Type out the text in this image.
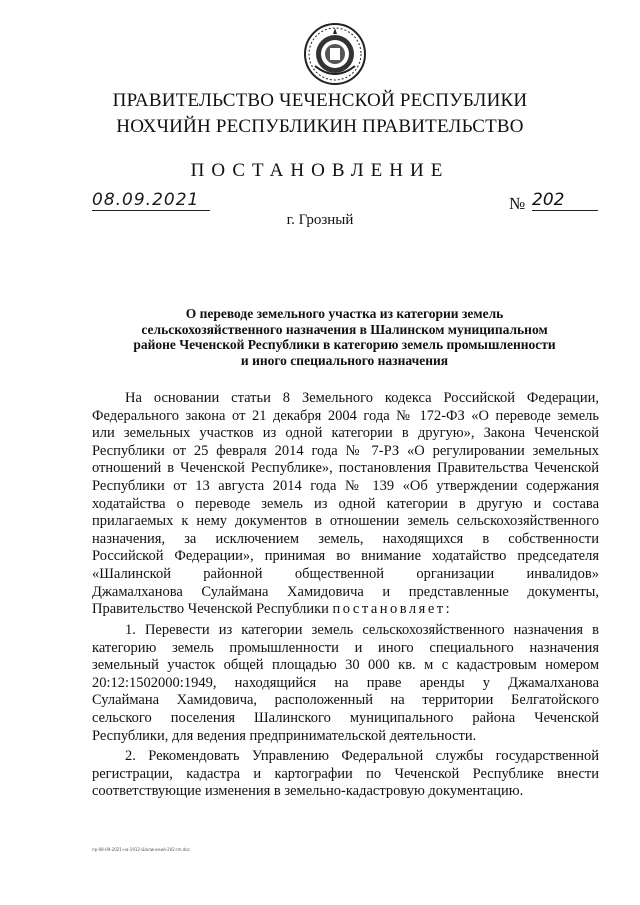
ПРАВИТЕЛЬСТВО ЧЕЧЕНСКОЙ РЕСПУБЛИКИ
НОХЧИЙН РЕСПУБЛИКИН ПРАВИТЕЛЬСТВО
ПОСТАНОВЛЕНИЕ
08.09.2021	№ 202
г. Грозный
О переводе земельного участка из категории земель
сельскохозяйственного назначения в Шалинском муниципальном
районе Чеченской Республики в категорию земель промышленности
и иного специального назначения
На основании статьи 8 Земельного кодекса Российской Федерации,
Федерального закона от 21 декабря 2004 года № 172-ФЗ «О переводе земель
или земельных участков из одной категории в другую», Закона Чеченской
Республики от 25 февраля 2014 года № 7-РЗ «О регулировании земельных
отношений в Чеченской Республике», постановления Правительства Чеченской
Республики от 13 августа 2014 года № 139 «Об утверждении содержания
ходатайства о переводе земель из одной категории в другую и состава
прилагаемых к нему документов в отношении земель сельскохозяйственного
назначения, за исключением земель, находящихся в собственности
Российской Федерации», принимая во внимание ходатайство председателя
«Шалинской районной общественной организации инвалидов»
Джамалханова Сулаймана Хамидовича и представленные документы,
Правительство Чеченской Республики постановляет:
1. Перевести из категории земель сельскохозяйственного назначения в
категорию земель промышленности и иного специального назначения
земельный участок общей площадью 30 000 кв. м с кадастровым номером
20:12:1502000:1949, находящийся на праве аренды у Джамалханова
Сулаймана Хамидовича, расположенный на территории Белгатойского
сельского поселения Шалинского муниципального района Чеченской
Республики, для ведения предпринимательской деятельности.
2. Рекомендовать Управлению Федеральной службы государственной
регистрации, кадастра и картографии по Чеченской Республике внести
соответствующие изменения в земельно-кадастровую документацию.
пр-08-09-2021-на-1912-Шалинский-202-пп.doc
